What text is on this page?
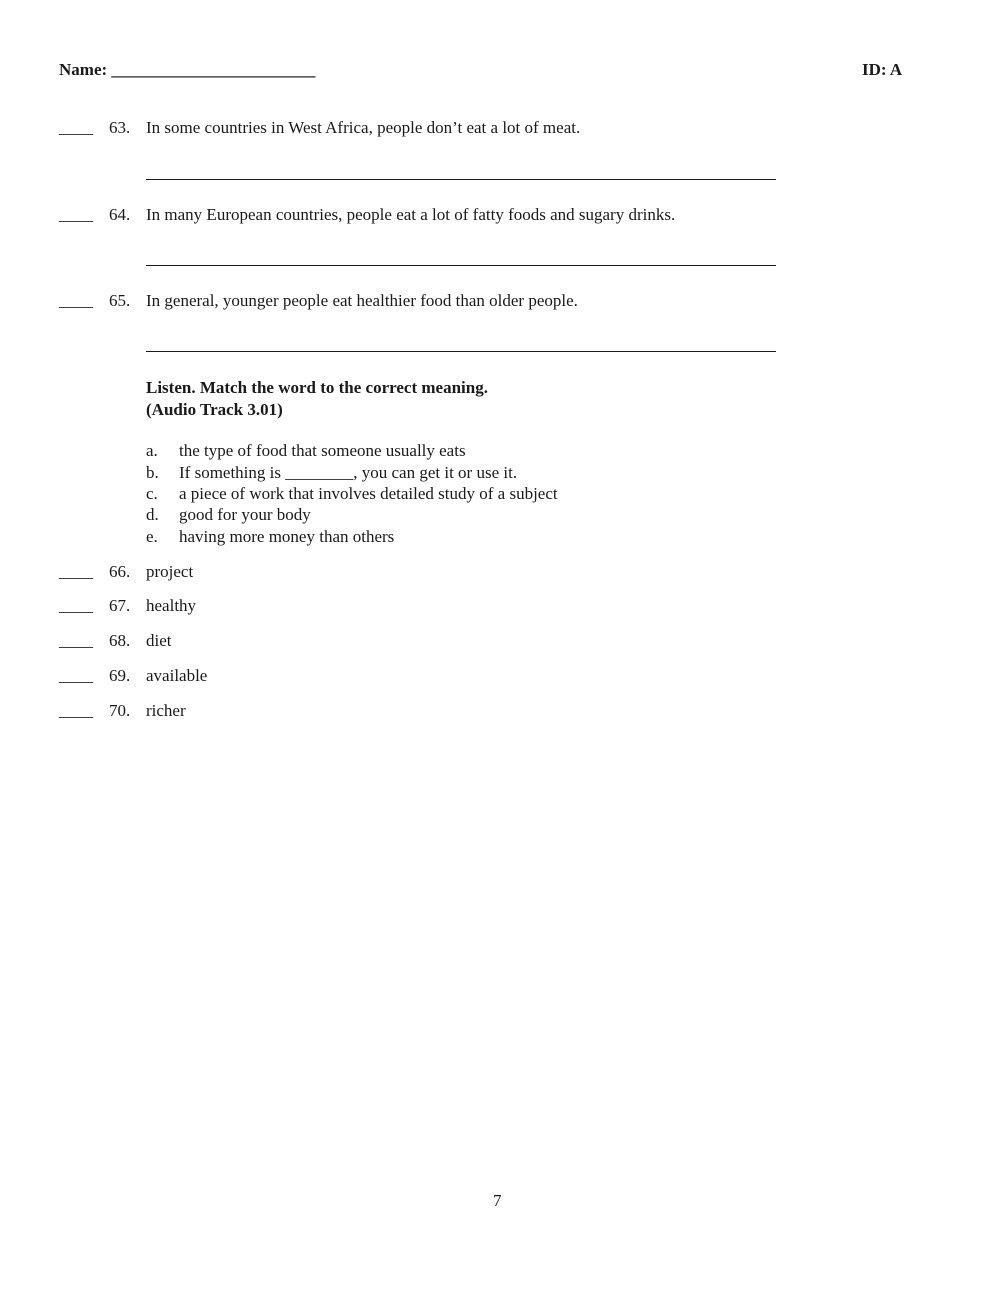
Name: ________________________	ID: A
____ 63. In some countries in West Africa, people don’t eat a lot of meat.
____ 64. In many European countries, people eat a lot of fatty foods and sugary drinks.
____ 65. In general, younger people eat healthier food than older people.
Listen. Match the word to the correct meaning.
(Audio Track 3.01)
a. the type of food that someone usually eats
b. If something is ________, you can get it or use it.
c. a piece of work that involves detailed study of a subject
d. good for your body
e. having more money than others
____ 66. project
____ 67. healthy
____ 68. diet
____ 69. available
____ 70. richer
7
